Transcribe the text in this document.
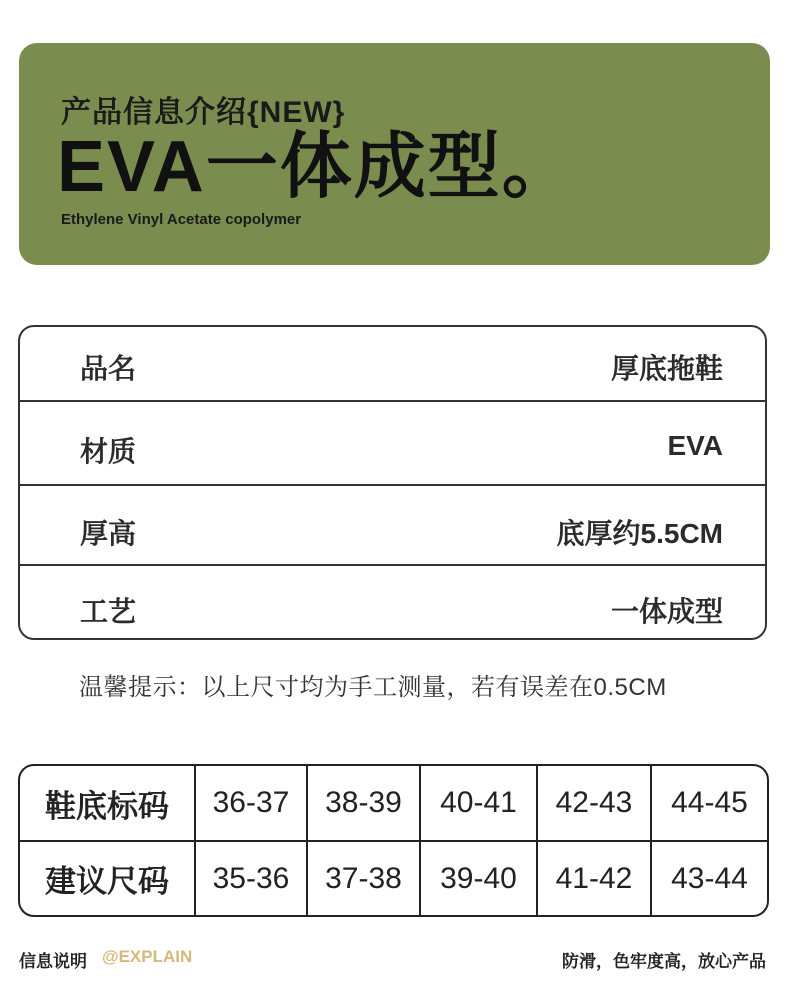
产品信息介绍{NEW}
EVA一体成型。
Ethylene Vinyl Acetate copolymer
品名	厚底拖鞋
材质	EVA
厚高	底厚约5.5CM
工艺	一体成型
温馨提示：以上尺寸均为手工测量，若有误差在0.5CM
鞋底标码	36-37	38-39	40-41	42-43	44-45
建议尺码	35-36	37-38	39-40	41-42	43-44
信息说明 @EXPLAIN	防滑，色牢度高，放心产品
